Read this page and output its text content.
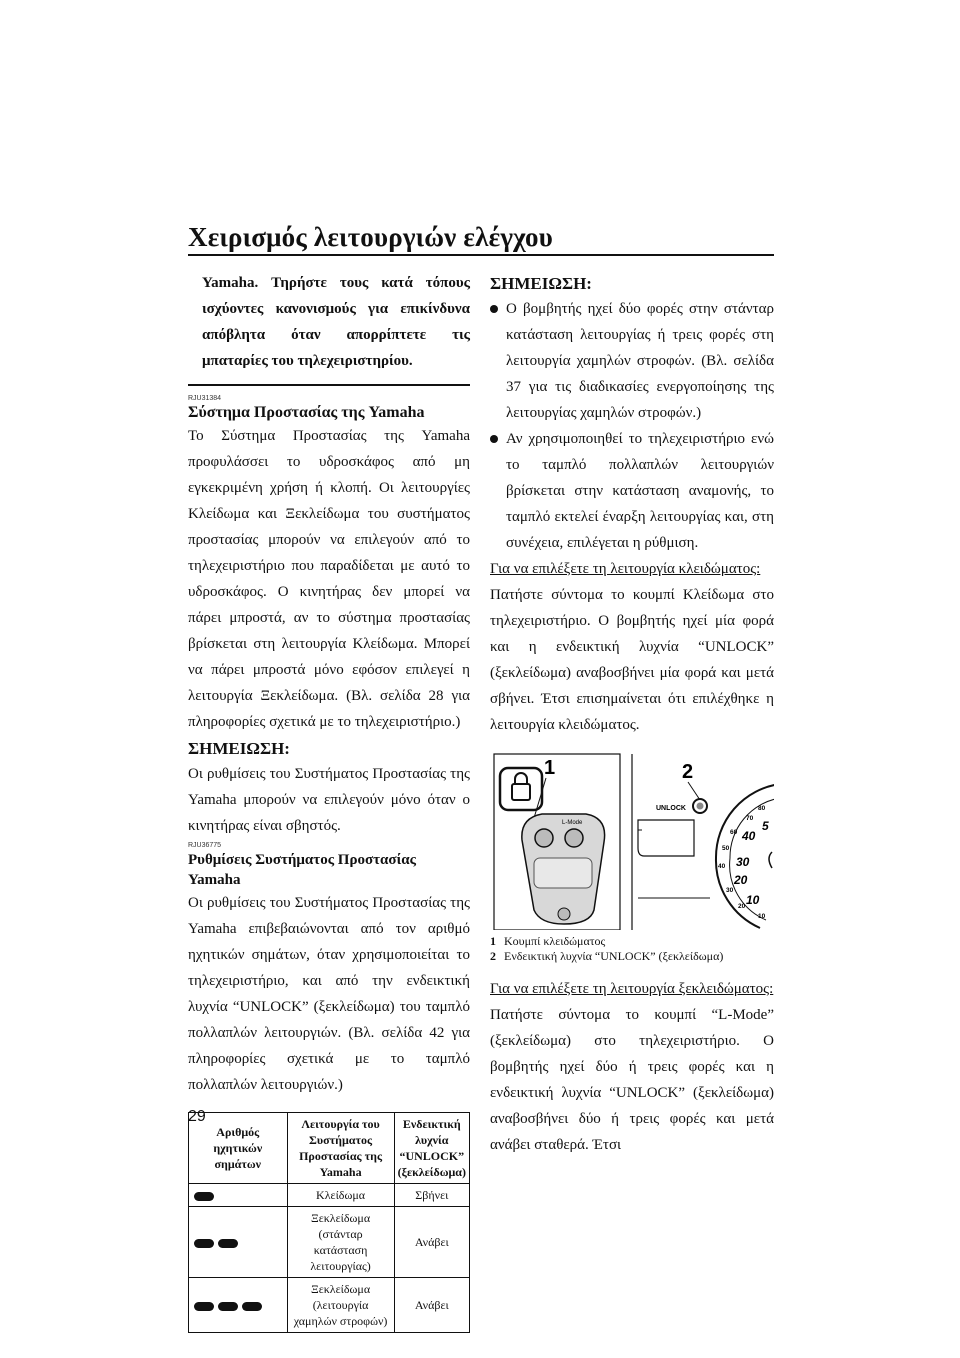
Χειρισμός λειτουργιών ελέγχου
Yamaha. Τηρήστε τους κατά τόπους ισχύοντες κανονισμούς για επικίνδυνα απόβλητα όταν απορρίπτετε τις μπαταρίες του τηλεχειριστηρίου.
RJU31384
Σύστημα Προστασίας της Yamaha
Το Σύστημα Προστασίας της Yamaha προφυλάσσει το υδροσκάφος από μη εγκεκριμένη χρήση ή κλοπή. Οι λειτουργίες Κλείδωμα και Ξεκλείδωμα του συστήματος προστασίας μπορούν να επιλεγούν από το τηλεχειριστήριο που παραδίδεται με αυτό το υδροσκάφος. Ο κινητήρας δεν μπορεί να πάρει μπροστά, αν το σύστημα προστασίας βρίσκεται στη λειτουργία Κλείδωμα. Μπορεί να πάρει μπροστά μόνο εφόσον επιλεγεί η λειτουργία Ξεκλείδωμα. (Βλ. σελίδα 28 για πληροφορίες σχετικά με το τηλεχειριστήριο.)
ΣΗΜΕΙΩΣΗ:
Οι ρυθμίσεις του Συστήματος Προστασίας της Yamaha μπορούν να επιλεγούν μόνο όταν ο κινητήρας είναι σβηστός.
RJU36775
Ρυθμίσεις Συστήματος Προστασίας Yamaha
Οι ρυθμίσεις του Συστήματος Προστασίας της Yamaha επιβεβαιώνονται από τον αριθμό ηχητικών σημάτων, όταν χρησιμοποιείται το τηλεχειριστήριο, και από την ενδεικτική λυχνία “UNLOCK” (ξεκλείδωμα) του ταμπλό πολλαπλών λειτουργιών. (Βλ. σελίδα 42 για πληροφορίες σχετικά με το ταμπλό πολλαπλών λειτουργιών.)
Αριθμός ηχητικών σημάτων	Λειτουργία του Συστήματος Προστασίας της Yamaha	Ενδεικτική λυχνία “UNLOCK” (ξεκλείδωμα)
	Κλείδωμα	Σβήνει
	Ξεκλείδωμα (στάνταρ κατάσταση λειτουργίας)	Ανάβει
	Ξεκλείδωμα (λειτουργία χαμηλών στροφών)	Ανάβει
ΣΗΜΕΙΩΣΗ:
Ο βομβητής ηχεί δύο φορές στην στάνταρ κατάσταση λειτουργίας ή τρεις φορές στη λειτουργία χαμηλών στροφών. (Βλ. σελίδα 37 για τις διαδικασίες ενεργοποίησης της λειτουργίας χαμηλών στροφών.)
Αν χρησιμοποιηθεί το τηλεχειριστήριο ενώ το ταμπλό πολλαπλών λειτουργιών βρίσκεται στην κατάσταση αναμονής, το ταμπλό εκτελεί έναρξη λειτουργίας και, στη συνέχεια, επιλέγεται η ρύθμιση.
Για να επιλέξετε τη λειτουργία κλειδώματος:
Πατήστε σύντομα το κουμπί Κλείδωμα στο τηλεχειριστήριο. Ο βομβητής ηχεί μία φορά και η ενδεικτική λυχνία “UNLOCK” (ξεκλείδωμα) αναβοσβήνει μία φορά και μετά σβήνει. Έτσι επισημαίνεται ότι επιλέχθηκε η λειτουργία κλειδώματος.
1
L-Mode
2
UNLOCK	80
70
60
50
40
30
20
10
5
40
30
20
10
1 Κουμπί κλειδώματος
2 Ενδεικτική λυχνία “UNLOCK” (ξεκλείδωμα)
Για να επιλέξετε τη λειτουργία ξεκλειδώματος:
Πατήστε σύντομα το κουμπί “L-Mode” (ξεκλείδωμα) στο τηλεχειριστήριο. Ο βομβητής ηχεί δύο ή τρεις φορές και η ενδεικτική λυχνία “UNLOCK” (ξεκλείδωμα) αναβοσβήνει δύο ή τρεις φορές και μετά ανάβει σταθερά. Έτσι
29
